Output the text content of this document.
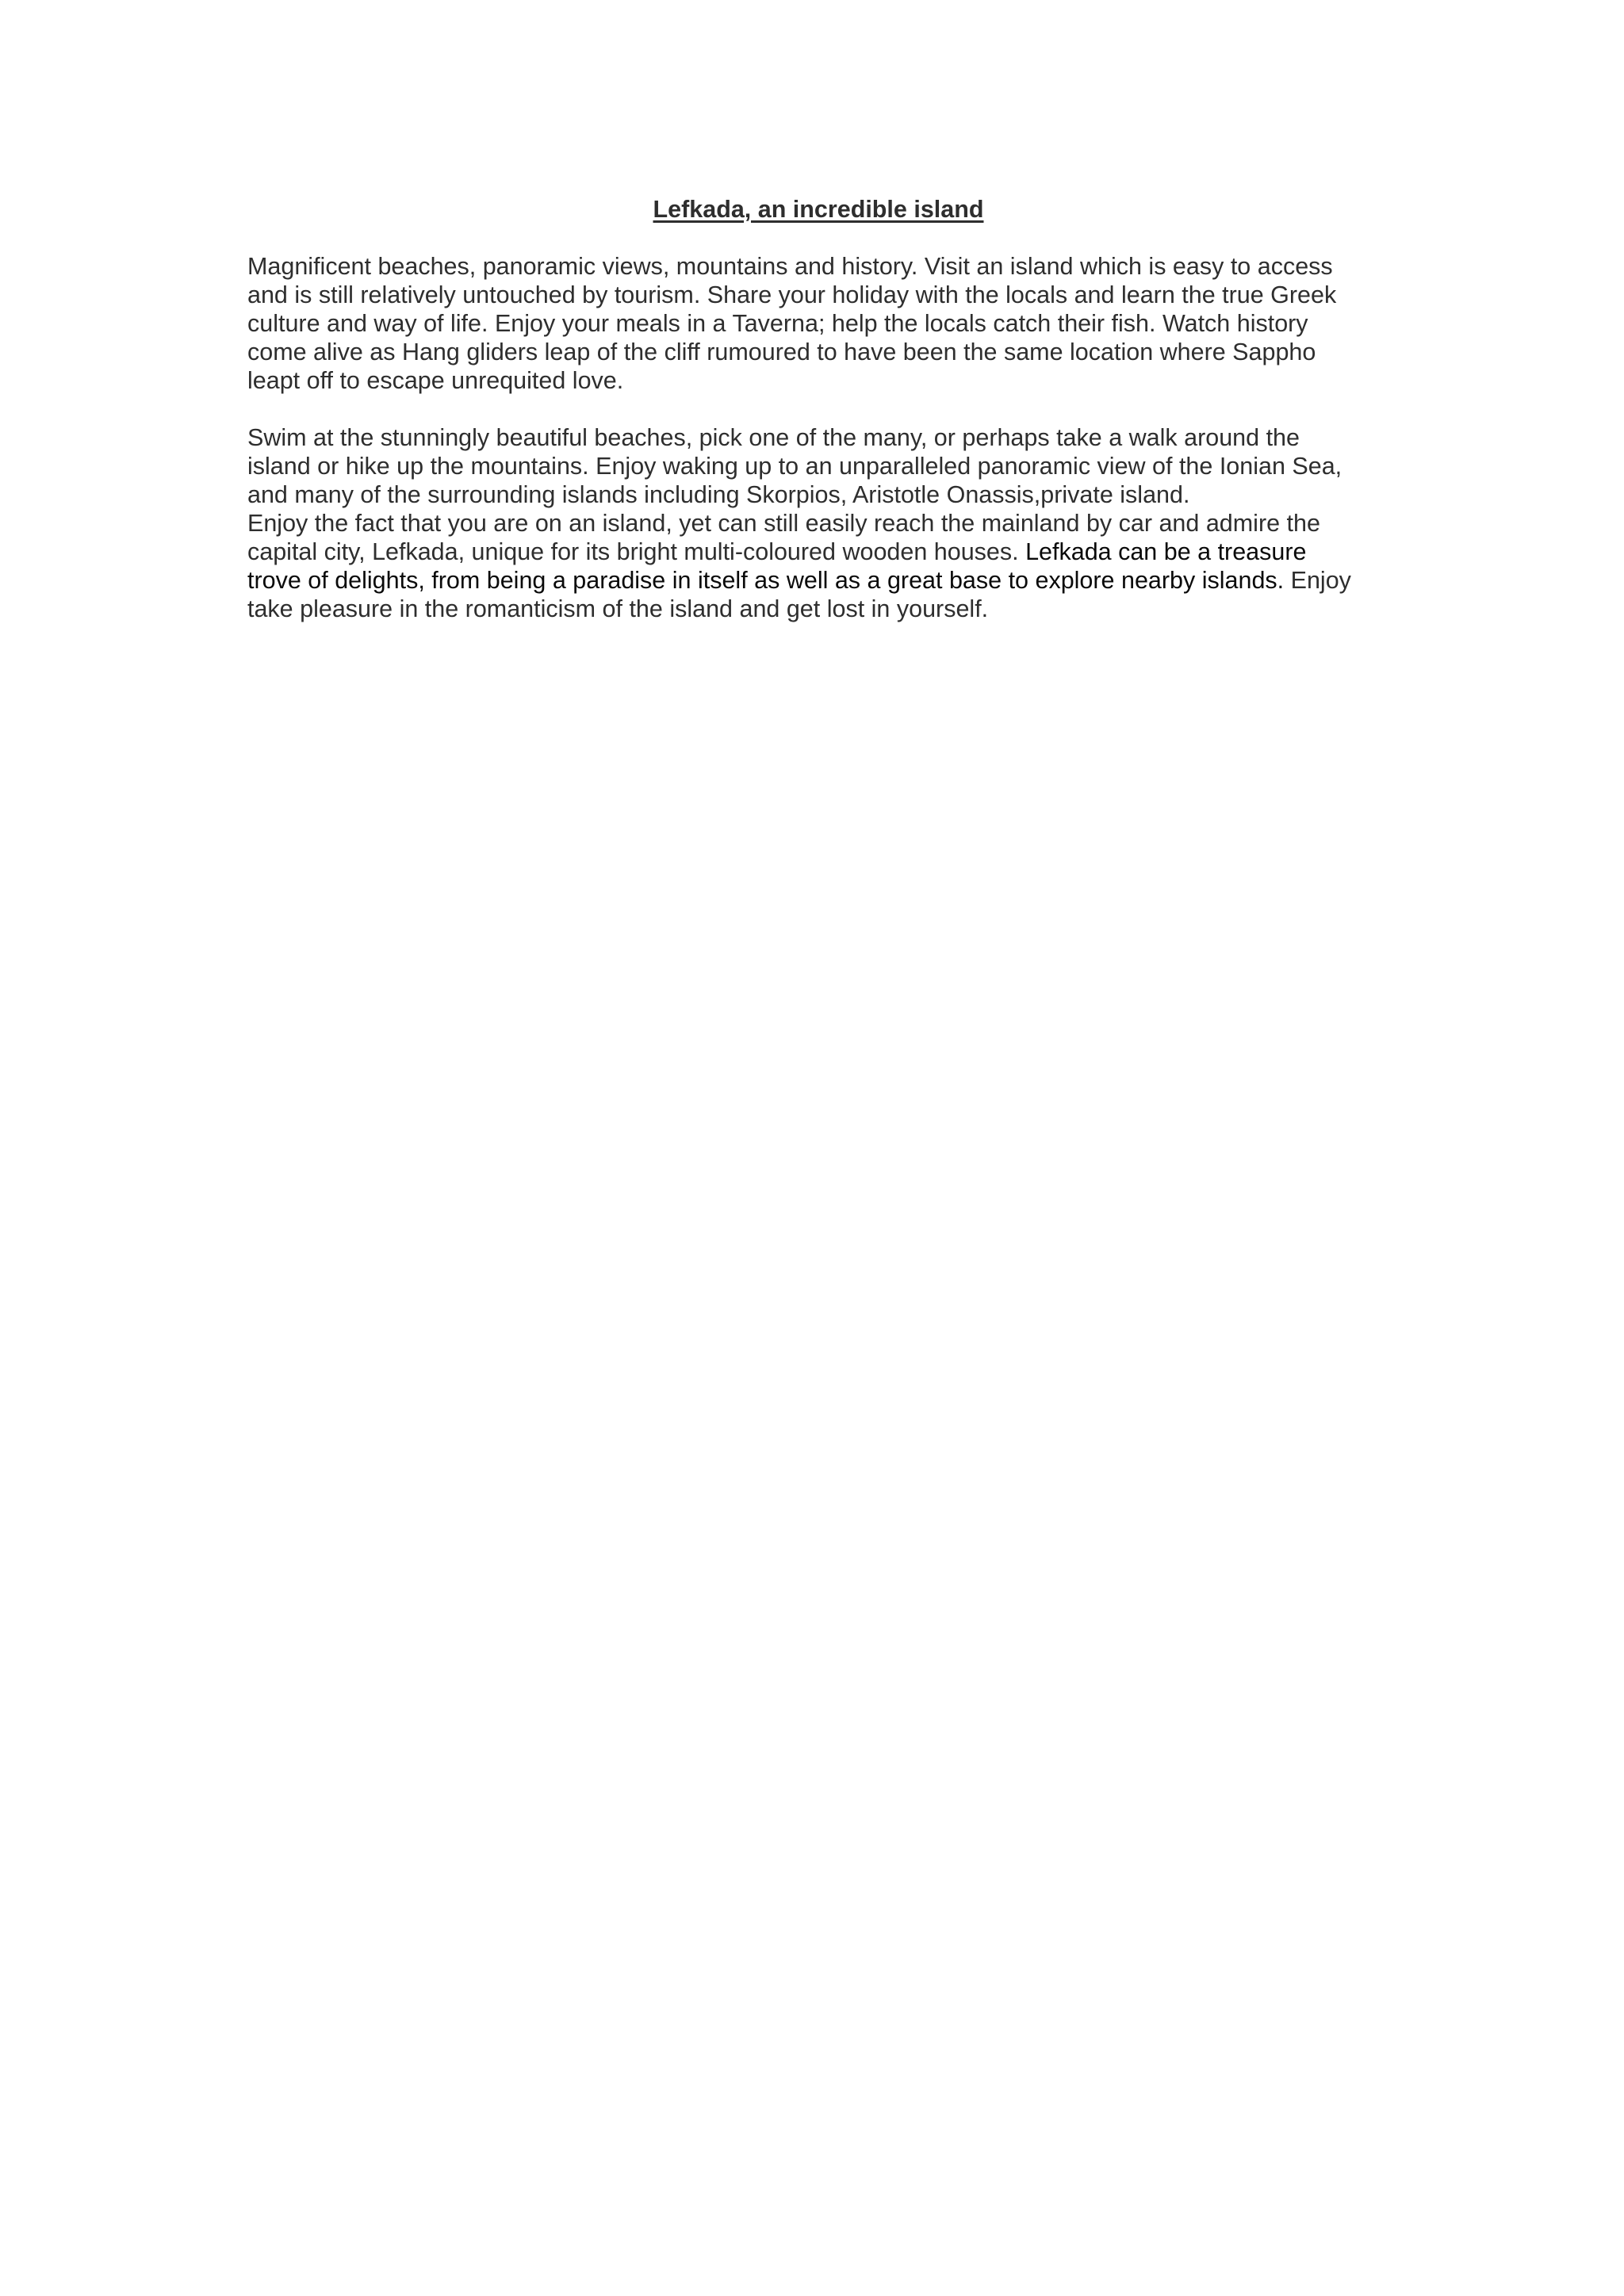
Lefkada, an incredible island
Magnificent beaches, panoramic views, mountains and history. Visit an island which is easy to access
and is still relatively untouched by tourism. Share your holiday with the locals and learn the true Greek
culture and way of life. Enjoy your meals in a Taverna; help the locals catch their fish. Watch history
come alive as Hang gliders leap of the cliff rumoured to have been the same location where Sappho
leapt off to escape unrequited love.
Swim at the stunningly beautiful beaches, pick one of the many, or perhaps take a walk around the
island or hike up the mountains. Enjoy waking up to an unparalleled panoramic view of the Ionian Sea,
and many of the surrounding islands including Skorpios, Aristotle Onassis,private island.
Enjoy the fact that you are on an island, yet can still easily reach the mainland by car and admire the
capital city, Lefkada, unique for its bright multi-coloured wooden houses. Lefkada can be a treasure
trove of delights, from being a paradise in itself as well as a great base to explore nearby islands. Enjoy
take pleasure in the romanticism of the island and get lost in yourself.
